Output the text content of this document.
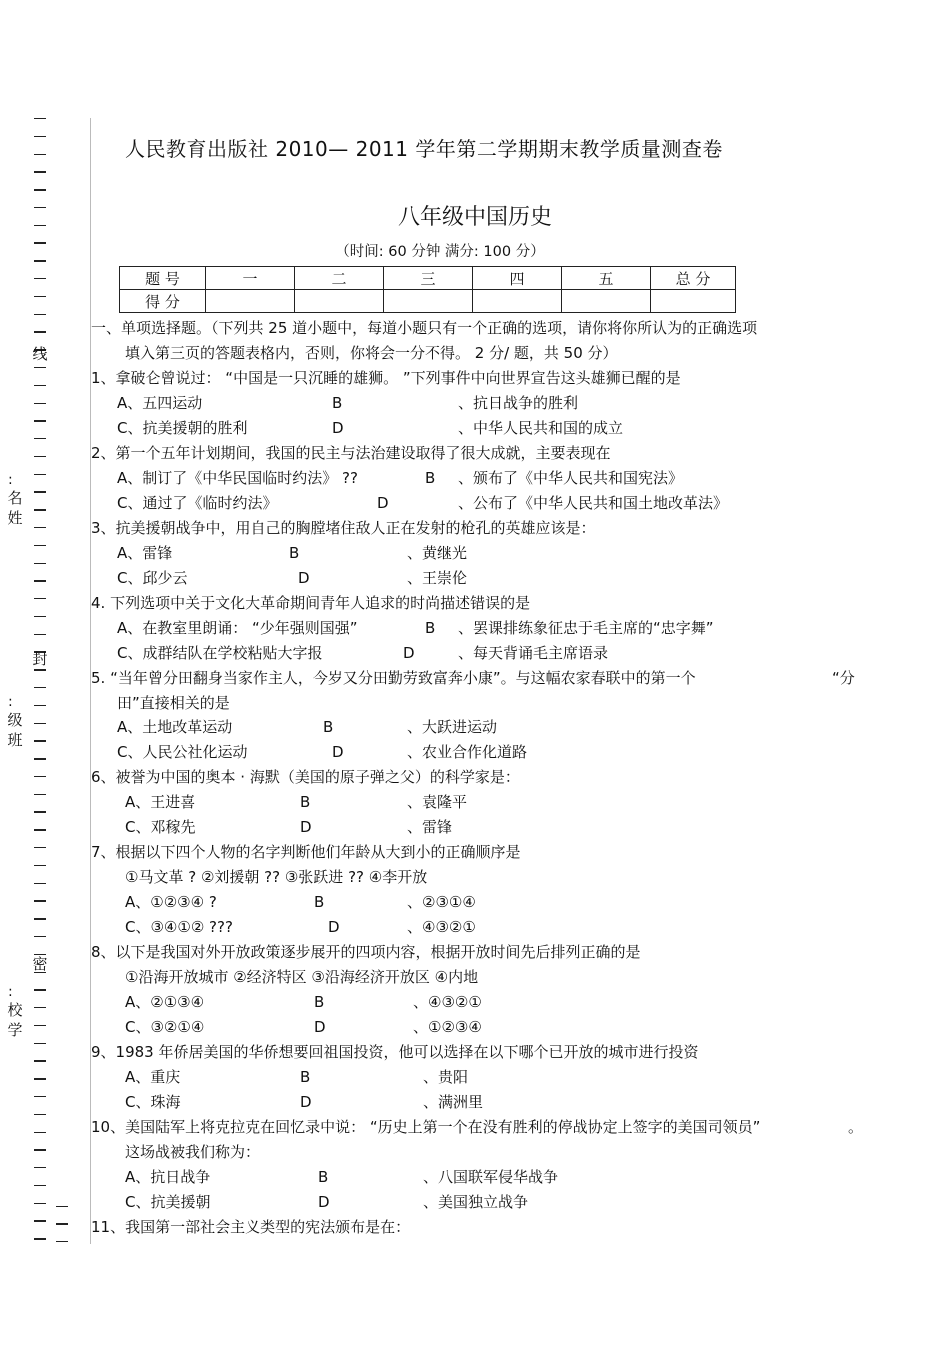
线
封
密
:
名姓
:
级班
:
校学
人民教育出版社 2010— 2011 学年第二学期期末教学质量测查卷
八年级中国历史
（时间: 60 分钟 满分: 100 分）
题 号	一	二	三	四	五	总 分
得 分						
一、单项选择题。（下列共 25 道小题中，每道小题只有一个正确的选项，请你将你所认为的正确选项
填入第三页的答题表格内，否则，你将会一分不得。 2 分/ 题，共 50 分）
1、拿破仑曾说过： “中国是一只沉睡的雄狮。 ”下列事件中向世界宣告这头雄狮已醒的是
A、五四运动	B	、抗日战争的胜利
C、抗美援朝的胜利	D	、中华人民共和国的成立
2、第一个五年计划期间，我国的民主与法治建设取得了很大成就，主要表现在
A、制订了《中华民国临时约法》 ??	B 、颁布了《中华人民共和国宪法》
C、通过了《临时约法》	D	、公布了《中华人民共和国土地改革法》
3、抗美援朝战争中，用自己的胸膛堵住敌人正在发射的枪孔的英雄应该是：
A、雷锋	B	、黄继光
C、邱少云	D	、王崇伦
4. 下列选项中关于文化大革命期间青年人追求的时尚描述错误的是
A、在教室里朗诵： “少年强则国强”	B 、罢课排练象征忠于毛主席的“忠字舞”
C、成群结队在学校粘贴大字报	D	、每天背诵毛主席语录
5. “当年曾分田翻身当家作主人，今岁又分田勤劳致富奔小康”。与这幅农家春联中的第一个	“分
田”直接相关的是
A、土地改革运动	B	、大跃进运动
C、人民公社化运动	D	、农业合作化道路
6、被誉为中国的奥本 · 海默（美国的原子弹之父）的科学家是：
A、王进喜	B	、袁隆平
C、邓稼先	D	、雷锋
7、根据以下四个人物的名字判断他们年龄从大到小的正确顺序是
①马文革 ? ②刘援朝 ?? ③张跃进 ?? ④李开放
A、①②③④ ?	B	、②③①④
C、③④①② ???	D	、④③②①
8、以下是我国对外开放政策逐步展开的四项内容，根据开放时间先后排列正确的是
①沿海开放城市 ②经济特区 ③沿海经济开放区 ④内地
A、②①③④	B	、④③②①
C、③②①④	D	、①②③④
9、1983 年侨居美国的华侨想要回祖国投资，他可以选择在以下哪个已开放的城市进行投资
A、重庆	B	、贵阳
C、珠海	D	、满洲里
10、美国陆军上将克拉克在回忆录中说： “历史上第一个在没有胜利的停战协定上签字的美国司领员”	。
这场战被我们称为：
A、抗日战争	B	、八国联军侵华战争
C、抗美援朝	D	、美国独立战争
11、我国第一部社会主义类型的宪法颁布是在：
